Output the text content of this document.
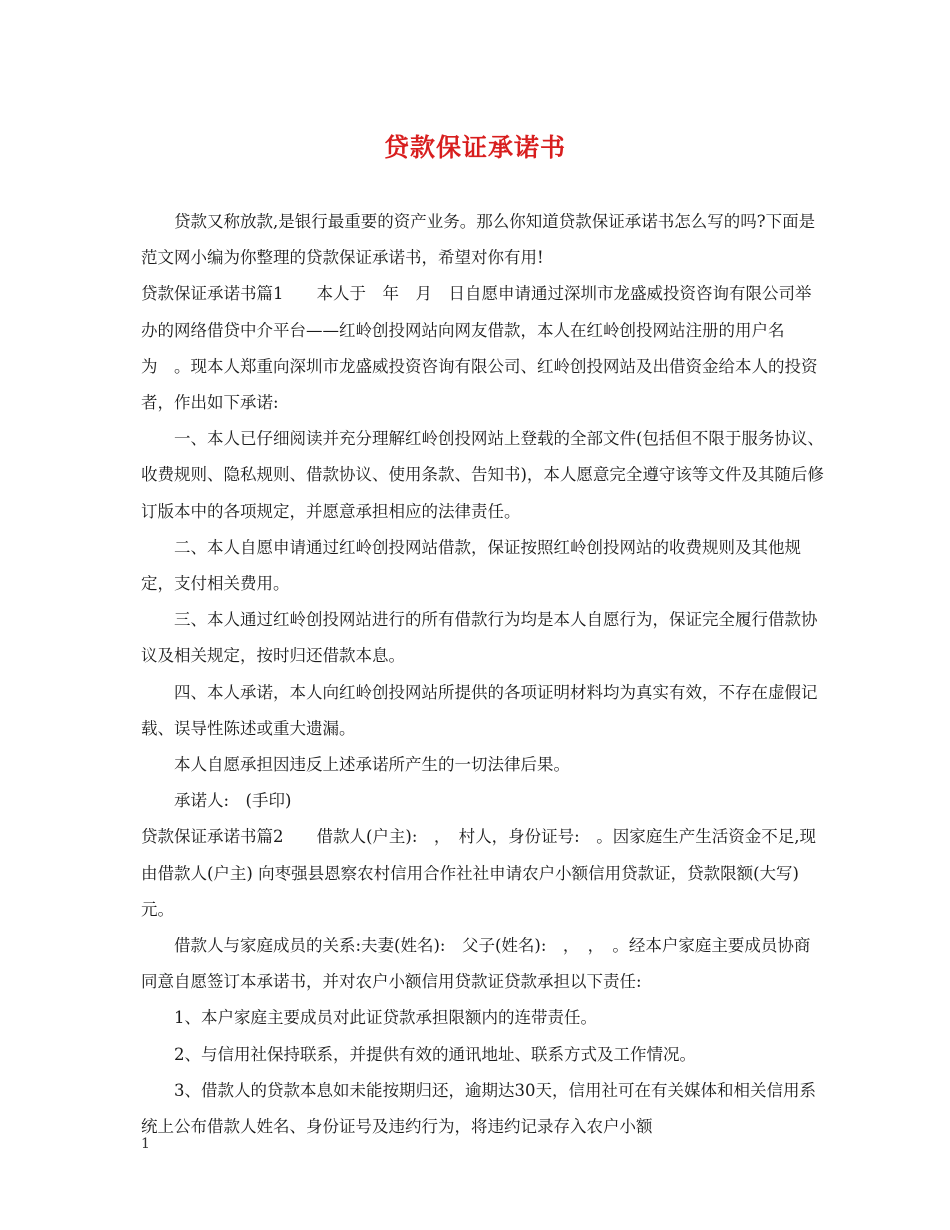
贷款保证承诺书

贷款又称放款,是银行最重要的资产业务。那么你知道贷款保证承诺书怎么写的吗?下面是范文网小编为你整理的贷款保证承诺书，希望对你有用!

贷款保证承诺书篇1　　本人于　年　月　日自愿申请通过深圳市龙盛威投资咨询有限公司举办的网络借贷中介平台——红岭创投网站向网友借款，本人在红岭创投网站注册的用户名为　。现本人郑重向深圳市龙盛威投资咨询有限公司、红岭创投网站及出借资金给本人的投资者，作出如下承诺:

一、本人已仔细阅读并充分理解红岭创投网站上登载的全部文件(包括但不限于服务协议、收费规则、隐私规则、借款协议、使用条款、告知书)，本人愿意完全遵守该等文件及其随后修订版本中的各项规定，并愿意承担相应的法律责任。

二、本人自愿申请通过红岭创投网站借款，保证按照红岭创投网站的收费规则及其他规定，支付相关费用。

三、本人通过红岭创投网站进行的所有借款行为均是本人自愿行为，保证完全履行借款协议及相关规定，按时归还借款本息。

四、本人承诺，本人向红岭创投网站所提供的各项证明材料均为真实有效，不存在虚假记载、误导性陈述或重大遗漏。

本人自愿承担因违反上述承诺所产生的一切法律后果。

承诺人:　(手印)

贷款保证承诺书篇2　　借款人(户主):　，　村人，身份证号:　。因家庭生产生活资金不足,现由借款人(户主) 向枣强县恩察农村信用合作社社申请农户小额信用贷款证，贷款限额(大写) 元。

借款人与家庭成员的关系:夫妻(姓名):　父子(姓名):　，　，　。经本户家庭主要成员协商同意自愿签订本承诺书，并对农户小额信用贷款证贷款承担以下责任:

1、本户家庭主要成员对此证贷款承担限额内的连带责任。

2、与信用社保持联系，并提供有效的通讯地址、联系方式及工作情况。

3、借款人的贷款本息如未能按期归还，逾期达30天，信用社可在有关媒体和相关信用系统上公布借款人姓名、身份证号及违约行为，将违约记录存入农户小额

1
